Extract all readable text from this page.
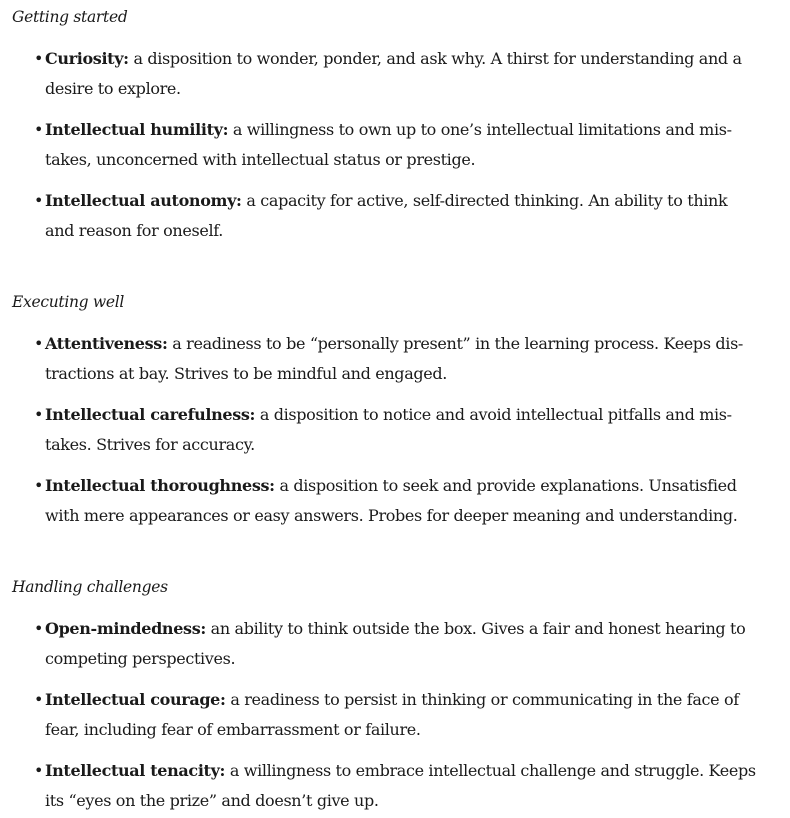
Getting started
• Curiosity: a disposition to wonder, ponder, and ask why. A thirst for understanding and a
desire to explore.
• Intellectual humility: a willingness to own up to one’s intellectual limitations and mis-
takes, unconcerned with intellectual status or prestige.
• Intellectual autonomy: a capacity for active, self-directed thinking. An ability to think
and reason for oneself.
Executing well
• Attentiveness: a readiness to be “personally present” in the learning process. Keeps dis-
tractions at bay. Strives to be mindful and engaged.
• Intellectual carefulness: a disposition to notice and avoid intellectual pitfalls and mis-
takes. Strives for accuracy.
• Intellectual thoroughness: a disposition to seek and provide explanations. Unsatisfied
with mere appearances or easy answers. Probes for deeper meaning and understanding.
Handling challenges
• Open-mindedness: an ability to think outside the box. Gives a fair and honest hearing to
competing perspectives.
• Intellectual courage: a readiness to persist in thinking or communicating in the face of
fear, including fear of embarrassment or failure.
• Intellectual tenacity: a willingness to embrace intellectual challenge and struggle. Keeps
its “eyes on the prize” and doesn’t give up.
